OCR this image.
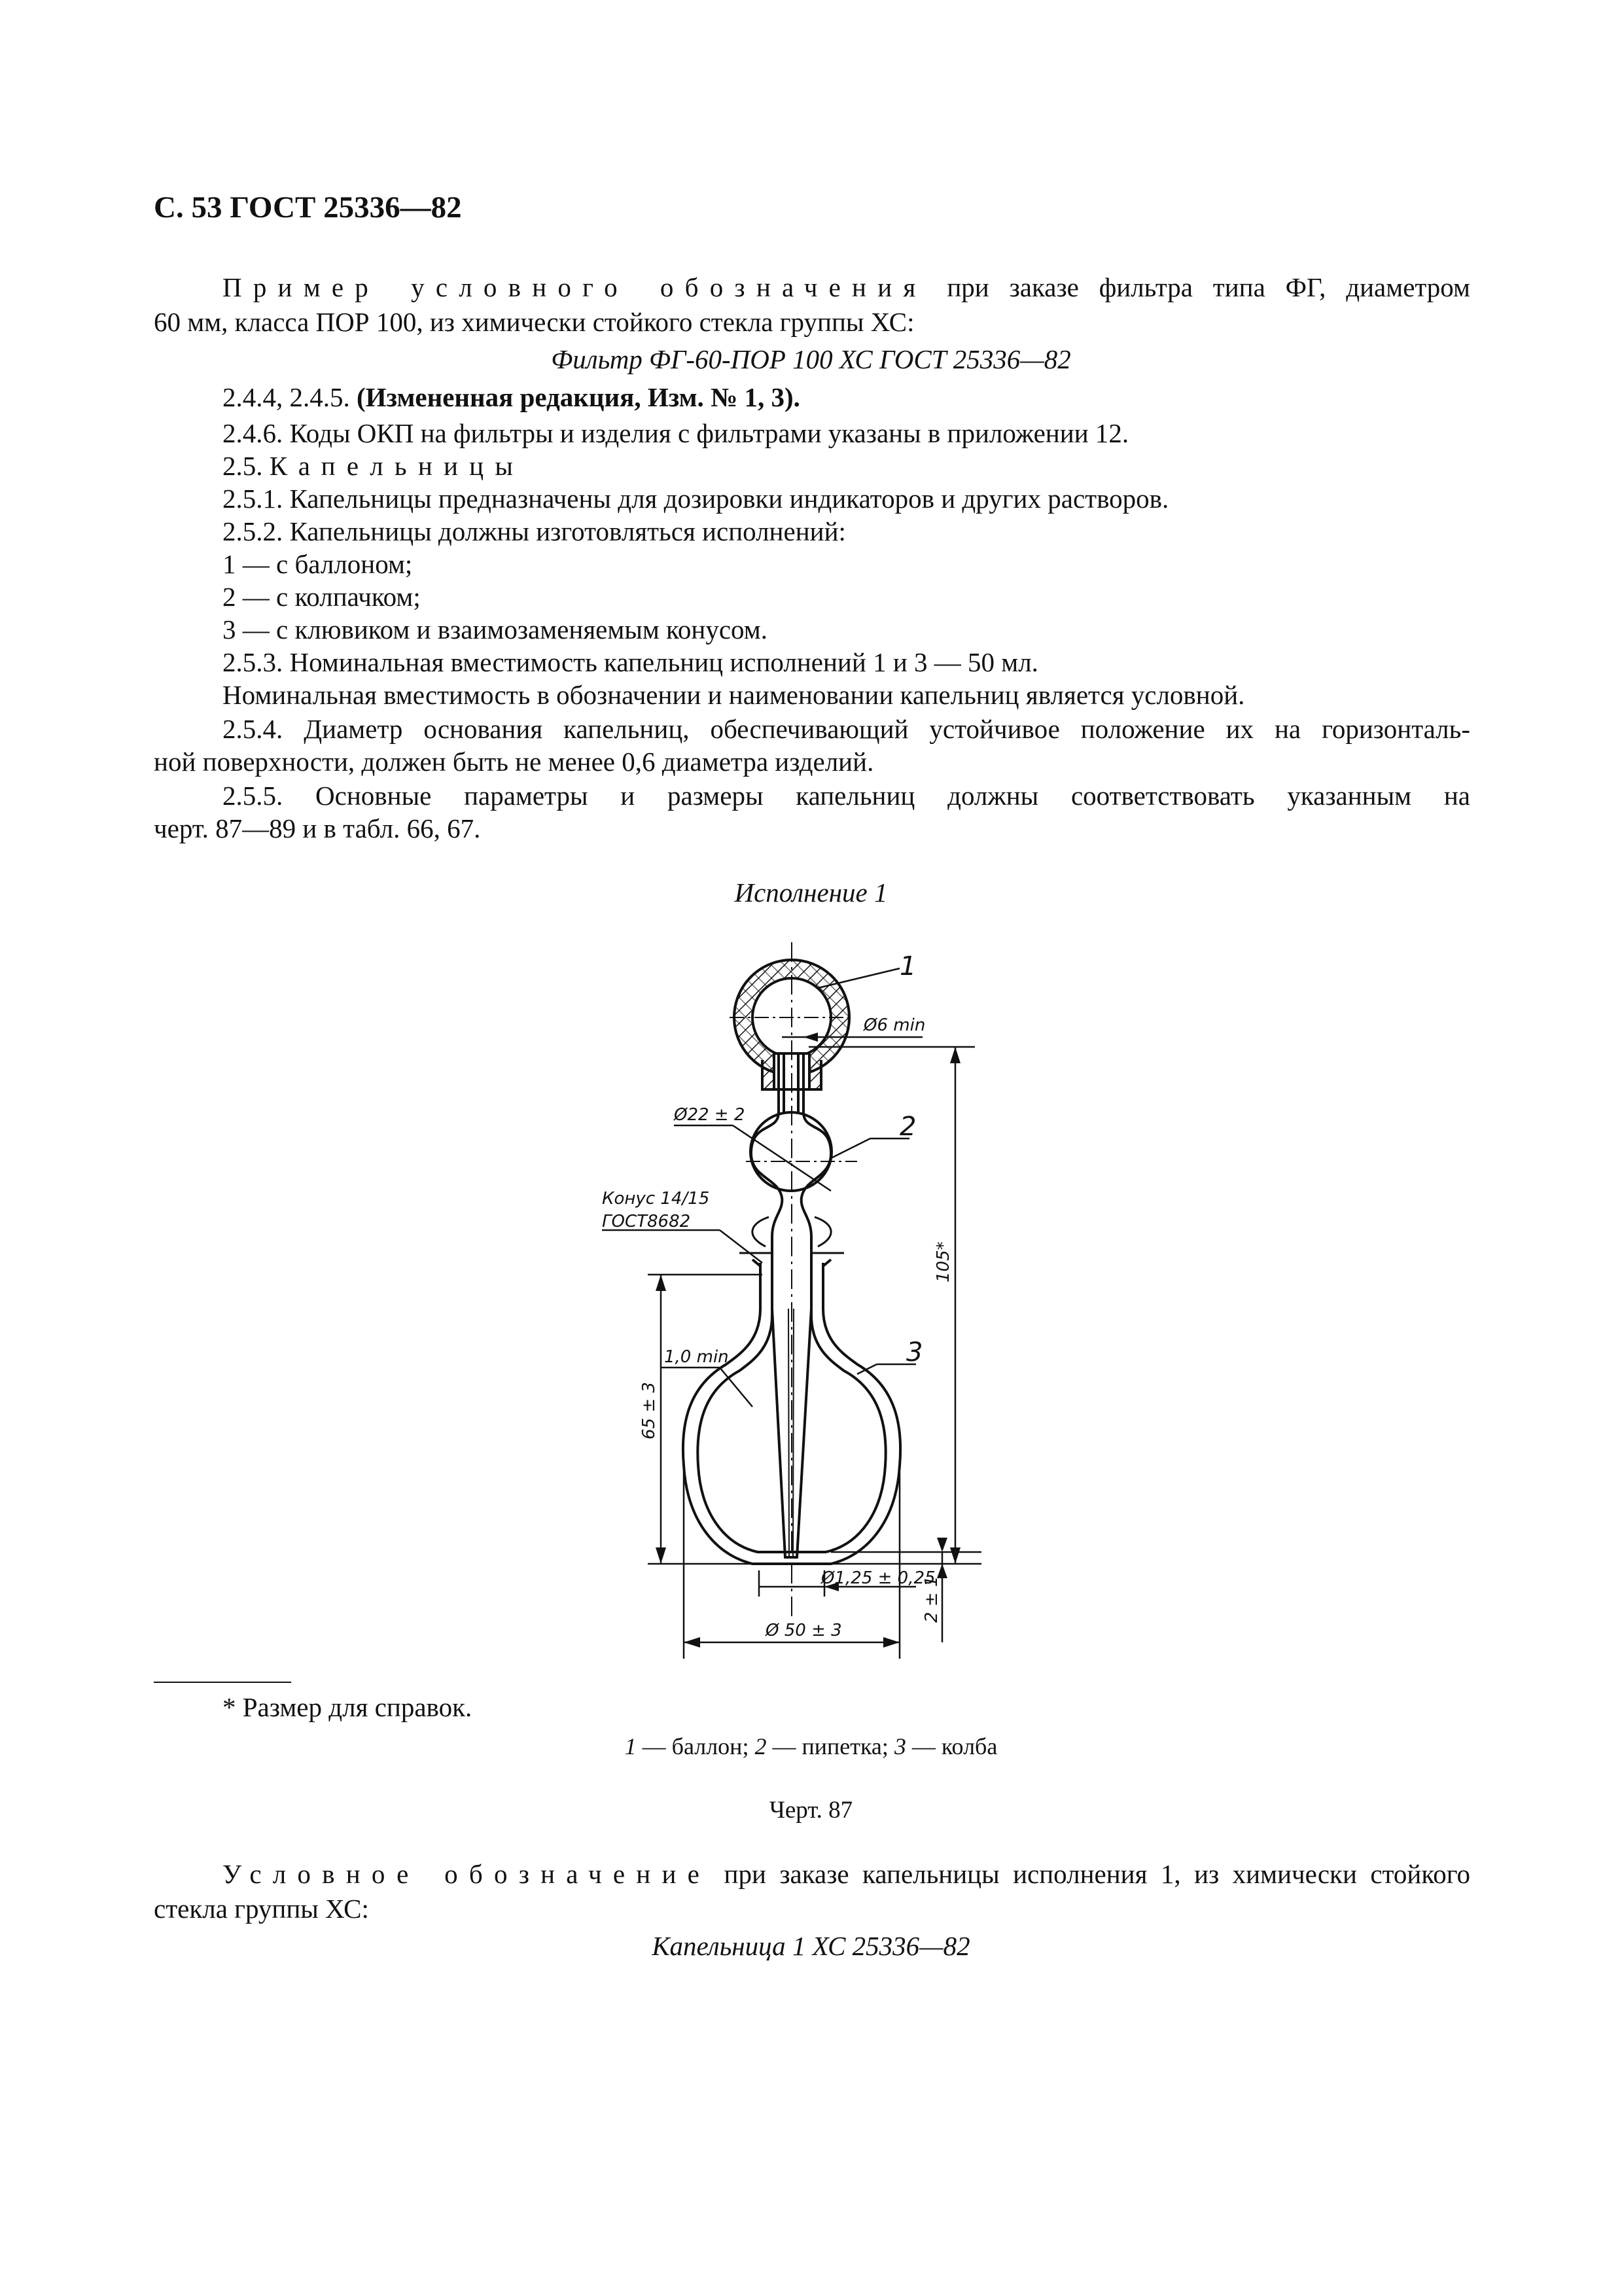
С. 53 ГОСТ 25336—82
Пример условного обозначения при заказе фильтра типа ФГ, диаметром
60 мм, класса ПОР 100, из химически стойкого стекла группы ХС:
Фильтр ФГ-60-ПОР 100 ХС ГОСТ 25336—82
2.4.4, 2.4.5. (Измененная редакция, Изм. № 1, 3).
2.4.6. Коды ОКП на фильтры и изделия с фильтрами указаны в приложении 12.
2.5. Капельницы
2.5.1. Капельницы предназначены для дозировки индикаторов и других растворов.
2.5.2. Капельницы должны изготовляться исполнений:
1 — с баллоном;
2 — с колпачком;
3 — с клювиком и взаимозаменяемым конусом.
2.5.3. Номинальная вместимость капельниц исполнений 1 и 3 — 50 мл.
Номинальная вместимость в обозначении и наименовании капельниц является условной.
2.5.4. Диаметр основания капельниц, обеспечивающий устойчивое положение их на горизонталь-
ной поверхности, должен быть не менее 0,6 диаметра изделий.
2.5.5. Основные параметры и размеры капельниц должны соответствовать указанным на
черт. 87—89 и в табл. 66, 67.
Исполнение 1
Ø6 min
Ø22 ± 2
Конус 14/15
ГОСТ8682
1,0 min
65 ± 3
105*
Ø1,25 ± 0,25
Ø 50 ± 3
2 ± 1
1
2
3
* Размер для справок.
1 — баллон; 2 — пипетка; 3 — колба
Черт. 87
Условное обозначение при заказе капельницы исполнения 1, из химически стойкого
стекла группы ХС:
Капельница 1 ХС 25336—82
